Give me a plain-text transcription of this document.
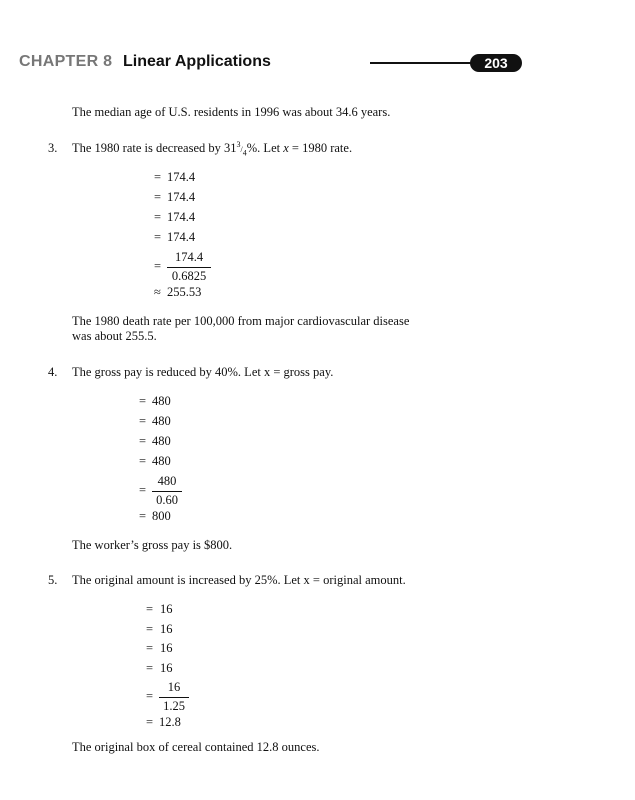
CHAPTER 8 Linear Applications	203
The median age of U.S. residents in 1996 was about 34.6 years.
3. The 1980 rate is decreased by $31^3/_4\%$. Let x = 1980 rate.
= 174.4
= 174.4
= 174.4
= 174.4
=
174.4
0.6825
≈ 255.53
The 1980 death rate per 100,000 from major cardiovascular disease
was about 255.5.
4. The gross pay is reduced by 40%. Let x = gross pay.
= 480
= 480
= 480
= 480
=
480
0.60
= 800
The worker’s gross pay is $800.
5. The original amount is increased by 25%. Let x = original amount.
= 16
= 16
= 16
= 16
=
16
1.25
= 12.8
The original box of cereal contained 12.8 ounces.
